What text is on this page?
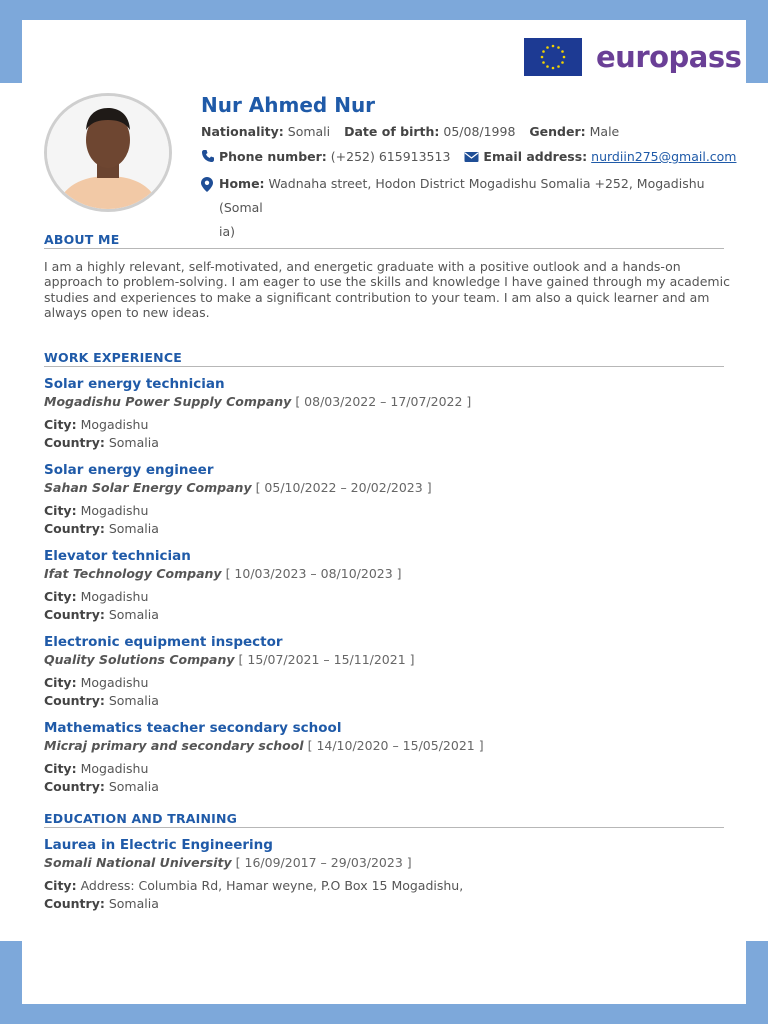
europass
Nur Ahmed Nur
Nationality: Somali Date of birth: 05/08/1998 Gender: Male
Phone number: (+252) 615913513	Email address: nurdiin275@gmail.com
Home: Wadnaha street, Hodon District Mogadishu Somalia +252, Mogadishu (Somal
ia)
ABOUT ME
I am a highly relevant, self-motivated, and energetic graduate with a positive outlook and a hands-on approach to problem-solving. I am eager to use the skills and knowledge I have gained through my academic studies and experiences to make a significant contribution to your team. I am also a quick learner and am always open to new ideas.
WORK EXPERIENCE
Solar energy technician
Mogadishu Power Supply Company [ 08/03/2022 – 17/07/2022 ]
City: Mogadishu
Country: Somalia
Solar energy engineer
Sahan Solar Energy Company [ 05/10/2022 – 20/02/2023 ]
City: Mogadishu
Country: Somalia
Elevator technician
Ifat Technology Company [ 10/03/2023 – 08/10/2023 ]
City: Mogadishu
Country: Somalia
Electronic equipment inspector
Quality Solutions Company [ 15/07/2021 – 15/11/2021 ]
City: Mogadishu
Country: Somalia
Mathematics teacher secondary school
Micraj primary and secondary school [ 14/10/2020 – 15/05/2021 ]
City: Mogadishu
Country: Somalia
EDUCATION AND TRAINING
Laurea in Electric Engineering
Somali National University [ 16/09/2017 – 29/03/2023 ]
City: Address: Columbia Rd, Hamar weyne, P.O Box 15 Mogadishu,
Country: Somalia
